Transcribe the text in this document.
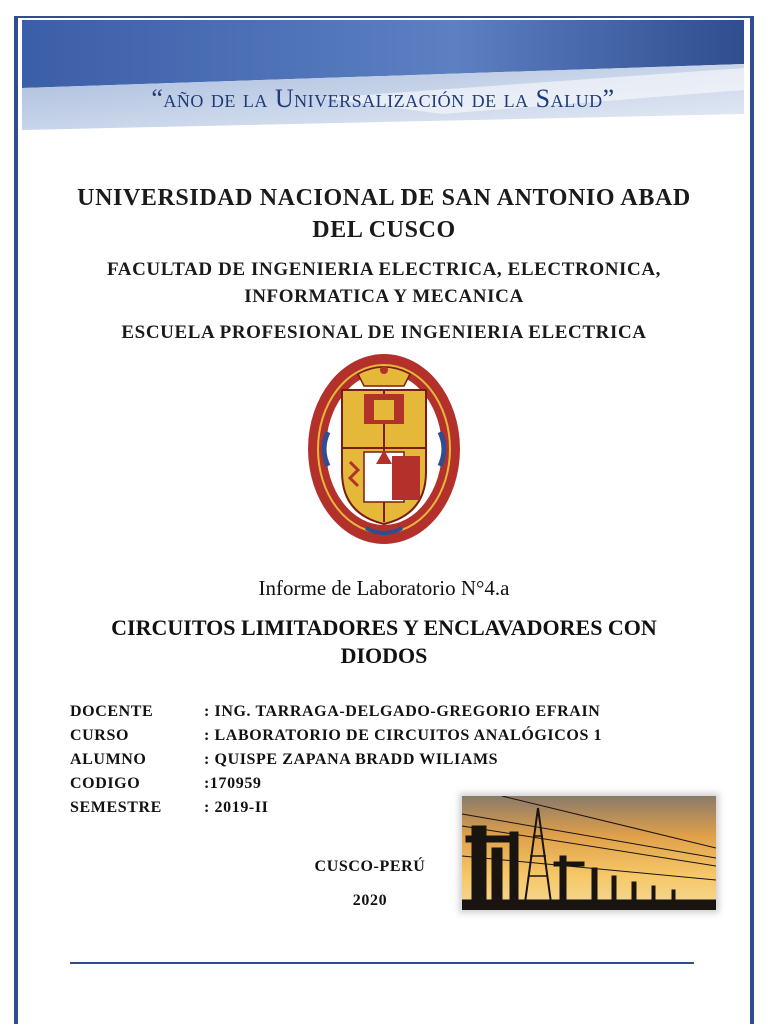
“año de la Universalización de la Salud”
UNIVERSIDAD NACIONAL DE SAN ANTONIO ABAD DEL CUSCO
FACULTAD DE INGENIERIA ELECTRICA, ELECTRONICA, INFORMATICA Y MECANICA
ESCUELA PROFESIONAL DE INGENIERIA ELECTRICA
Informe de Laboratorio N°4.a
CIRCUITOS LIMITADORES Y ENCLAVADORES CON DIODOS
DOCENTE	: ING. TARRAGA-DELGADO-GREGORIO EFRAIN
CURSO	: LABORATORIO DE CIRCUITOS ANALÓGICOS 1
ALUMNO	: QUISPE ZAPANA BRADD WILIAMS
CODIGO	:170959
SEMESTRE	: 2019-II
CUSCO-PERÚ
2020
